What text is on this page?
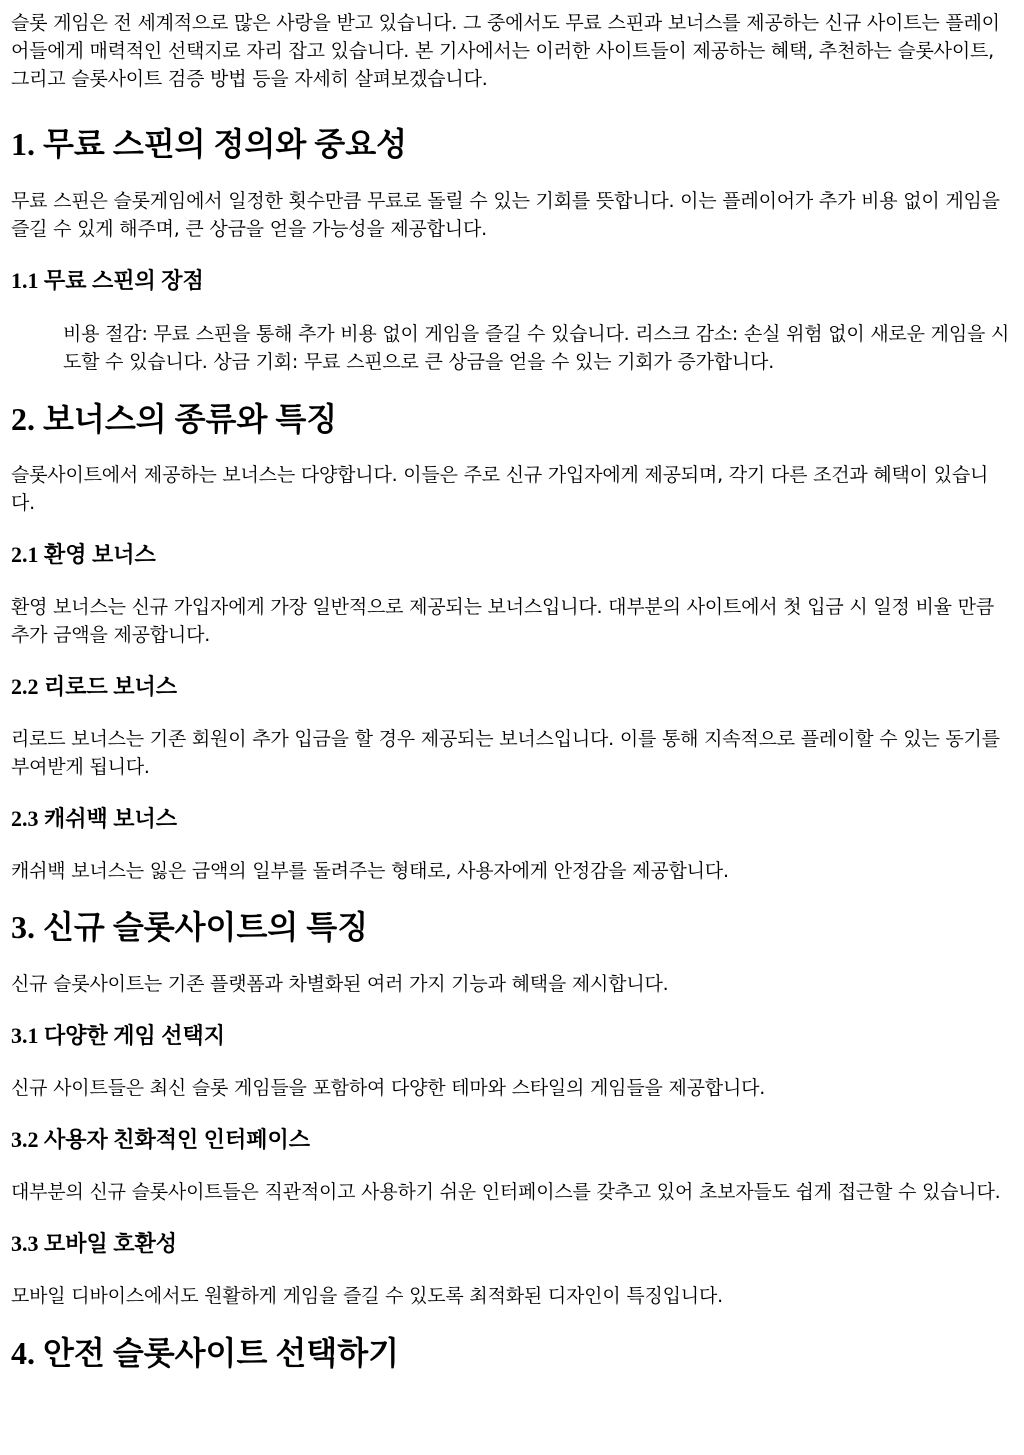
슬롯 게임은 전 세계적으로 많은 사랑을 받고 있습니다. 그 중에서도 무료 스핀과 보너스를 제공하는 신규 사이트는 플레이어들에게 매력적인 선택지로 자리 잡고 있습니다. 본 기사에서는 이러한 사이트들이 제공하는 혜택, 추천하는 슬롯사이트, 그리고 슬롯사이트 검증 방법 등을 자세히 살펴보겠습니다.

1. 무료 스핀의 정의와 중요성

무료 스핀은 슬롯게임에서 일정한 횟수만큼 무료로 돌릴 수 있는 기회를 뜻합니다. 이는 플레이어가 추가 비용 없이 게임을 즐길 수 있게 해주며, 큰 상금을 얻을 가능성을 제공합니다.

1.1 무료 스핀의 장점

비용 절감: 무료 스핀을 통해 추가 비용 없이 게임을 즐길 수 있습니다. 리스크 감소: 손실 위험 없이 새로운 게임을 시도할 수 있습니다. 상금 기회: 무료 스핀으로 큰 상금을 얻을 수 있는 기회가 증가합니다.

2. 보너스의 종류와 특징

슬롯사이트에서 제공하는 보너스는 다양합니다. 이들은 주로 신규 가입자에게 제공되며, 각기 다른 조건과 혜택이 있습니다.

2.1 환영 보너스

환영 보너스는 신규 가입자에게 가장 일반적으로 제공되는 보너스입니다. 대부분의 사이트에서 첫 입금 시 일정 비율 만큼 추가 금액을 제공합니다.

2.2 리로드 보너스

리로드 보너스는 기존 회원이 추가 입금을 할 경우 제공되는 보너스입니다. 이를 통해 지속적으로 플레이할 수 있는 동기를 부여받게 됩니다.

2.3 캐쉬백 보너스

캐쉬백 보너스는 잃은 금액의 일부를 돌려주는 형태로, 사용자에게 안정감을 제공합니다.

3. 신규 슬롯사이트의 특징

신규 슬롯사이트는 기존 플랫폼과 차별화된 여러 가지 기능과 혜택을 제시합니다.

3.1 다양한 게임 선택지

신규 사이트들은 최신 슬롯 게임들을 포함하여 다양한 테마와 스타일의 게임들을 제공합니다.

3.2 사용자 친화적인 인터페이스

대부분의 신규 슬롯사이트들은 직관적이고 사용하기 쉬운 인터페이스를 갖추고 있어 초보자들도 쉽게 접근할 수 있습니다.

3.3 모바일 호환성

모바일 디바이스에서도 원활하게 게임을 즐길 수 있도록 최적화된 디자인이 특징입니다.

4. 안전 슬롯사이트 선택하기
